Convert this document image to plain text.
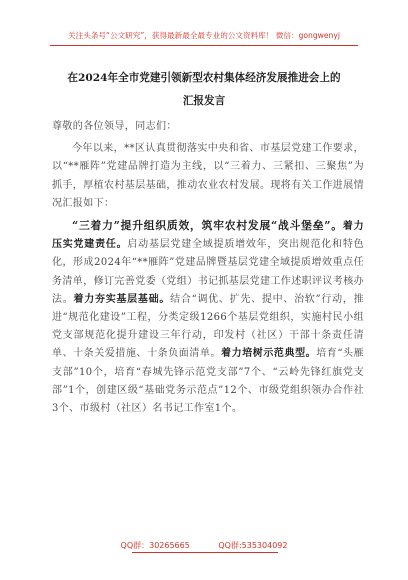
关注头条号“公文研究”，获得最新最全最专业的公文资料库！ 微信：gongwenyj
在2024年全市党建引领新型农村集体经济发展推进会上的
汇报发言

尊敬的各位领导，同志们：

今年以来，**区认真贯彻落实中央和省、市基层党建工作要求，以“**雁阵”党建品牌打造为主线，以“三着力、三紧扣、三聚焦”为抓手，厚植农村基层基础，推动农业农村发展。现将有关工作进展情况汇报如下：

“三着力”提升组织质效，筑牢农村发展“战斗堡垒”。着力压实党建责任。启动基层党建全域提质增效年，突出规范化和特色化，形成2024年“**雁阵”党建品牌暨基层党建全域提质增效重点任务清单，修订完善党委（党组）书记抓基层党建工作述职评议考核办法。着力夯实基层基础。结合“调优、扩先、提中、治软”行动，推进“规范化建设”工程，分类定级1266个基层党组织，实施村民小组党支部规范化提升建设三年行动，印发村（社区）干部十条责任清单、十条关爱措施、十条负面清单。着力培树示范典型。培育“头雁支部”10个，培育“春城先锋示范党支部”7个、“云岭先锋红旗党支部”1个，创建区级“基础党务示范点”12个、市级党组织领办合作社3个、市级村（社区）名书记工作室1个。

QQ群：30265665	QQ群:535304092
